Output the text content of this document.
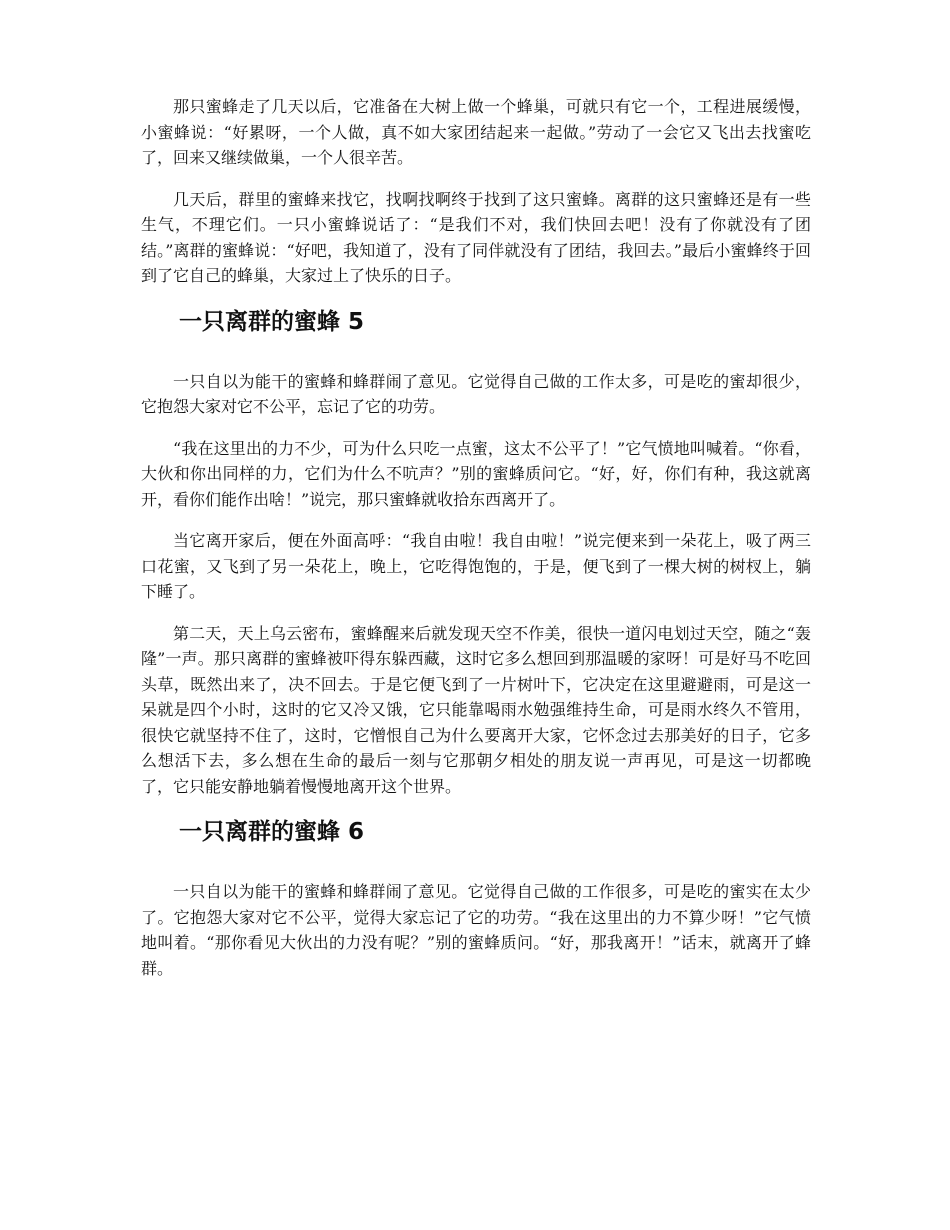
那只蜜蜂走了几天以后，它准备在大树上做一个蜂巢，可就只有它一个，工程进展缓慢，小蜜蜂说：“好累呀，一个人做，真不如大家团结起来一起做。”劳动了一会它又飞出去找蜜吃了，回来又继续做巢，一个人很辛苦。

几天后，群里的蜜蜂来找它，找啊找啊终于找到了这只蜜蜂。离群的这只蜜蜂还是有一些生气，不理它们。一只小蜜蜂说话了：“是我们不对，我们快回去吧！没有了你就没有了团结。”离群的蜜蜂说：“好吧，我知道了，没有了同伴就没有了团结，我回去。”最后小蜜蜂终于回到了它自己的蜂巢，大家过上了快乐的日子。

一只离群的蜜蜂 5

一只自以为能干的蜜蜂和蜂群闹了意见。它觉得自己做的工作太多，可是吃的蜜却很少，它抱怨大家对它不公平，忘记了它的功劳。

“我在这里出的力不少，可为什么只吃一点蜜，这太不公平了！”它气愤地叫喊着。“你看，大伙和你出同样的力，它们为什么不吭声？”别的蜜蜂质问它。“好，好，你们有种，我这就离开，看你们能作出啥！”说完，那只蜜蜂就收拾东西离开了。

当它离开家后，便在外面高呼：“我自由啦！我自由啦！”说完便来到一朵花上，吸了两三口花蜜，又飞到了另一朵花上，晚上，它吃得饱饱的，于是，便飞到了一棵大树的树杈上，躺下睡了。

第二天，天上乌云密布，蜜蜂醒来后就发现天空不作美，很快一道闪电划过天空，随之“轰隆”一声。那只离群的蜜蜂被吓得东躲西藏，这时它多么想回到那温暖的家呀！可是好马不吃回头草，既然出来了，决不回去。于是它便飞到了一片树叶下，它决定在这里避避雨，可是这一呆就是四个小时，这时的它又冷又饿，它只能靠喝雨水勉强维持生命，可是雨水终久不管用，很快它就坚持不住了，这时，它憎恨自己为什么要离开大家，它怀念过去那美好的日子，它多么想活下去，多么想在生命的最后一刻与它那朝夕相处的朋友说一声再见，可是这一切都晚了，它只能安静地躺着慢慢地离开这个世界。

一只离群的蜜蜂 6

一只自以为能干的蜜蜂和蜂群闹了意见。它觉得自己做的工作很多，可是吃的蜜实在太少了。它抱怨大家对它不公平，觉得大家忘记了它的功劳。“我在这里出的力不算少呀！”它气愤地叫着。“那你看见大伙出的力没有呢？”别的蜜蜂质问。“好，那我离开！”话末，就离开了蜂群。
